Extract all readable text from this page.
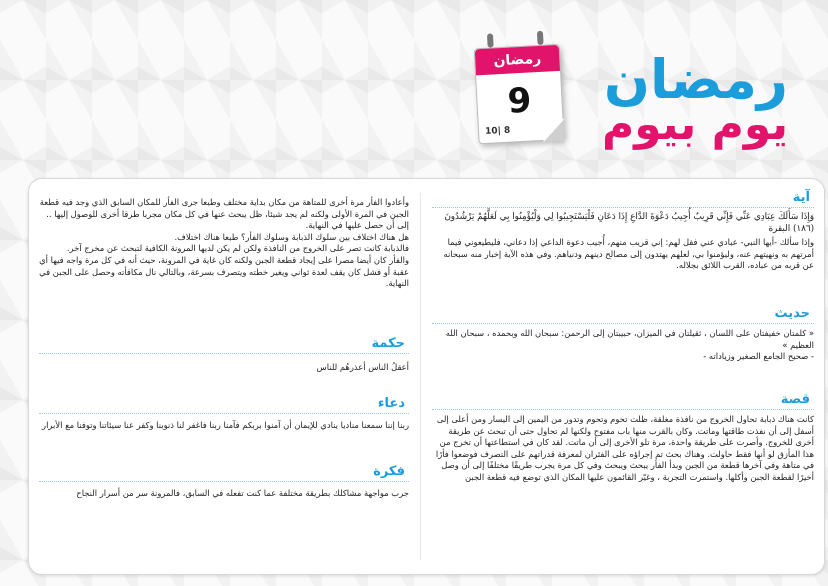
رمضان
يوم بيوم
رمضان
9
10| 8
آية

وَإِذَا سَأَلَكَ عِبَادِي عَنِّي فَإِنِّي قَرِيبٌ أُجِيبُ دَعْوَةَ الدَّاعِ إِذَا دَعَانِ فَلْيَسْتَجِيبُوا لِي وَلْيُؤْمِنُوا بِي لَعَلَّهُمْ يَرْشُدُونَ (١٨٦) البقرة

وإذا سألك -أيها النبي- عبادي عني فقل لهم: إني قريب منهم، أُجيب دعوة الداعي إذا دعاني، فليطيعوني فيما أمرتهم به ونهيتهم عنه، وليؤمنوا بي، لعلهم يهتدون إلى مصالح دينهم ودنياهم. وفي هذه الآية إخبار منه سبحانه عن قربه من عباده، القرب اللائق بجلاله.

حديث

« كلمتان خفيفتان على اللسان ، ثقيلتان في الميزان، حبيبتان إلى الرحمن: سبحان الله وبحمده ، سبحان الله العظيم »

- صحيح الجامع الصغير وزياداته -

قصة

كانت هناك ذبابة تحاول الخروج من نافذة مغلقة، ظلت تحوم وتحوم وتدور من اليمين إلى اليسار ومن أعلى إلى أسفل إلى أن نفذت طاقتها وماتت. وكان بالقرب منها باب مفتوح ولكنها لم تحاول حتى أن تبحث عن طريقة أخرى للخروج. وأصرت على طريقة واحدة، مرة تلو الأخرى إلى أن ماتت. لقد كان في استطاعتها أن تخرج من هذا المأزق لو أنها فقط حاولت. وهناك بحث تم إجراؤه على الفئران لمعرفة قدراتهم على التصرف فوضعوا فأرًا في متاهة وفي آخرها قطعة من الجبن وبدأ الفأر يبحث ويبحث وفي كل مرة يجرب طريقًا مختلفًا إلى أن وصل أخيرًا لقطعة الجبن وأكلها. واستمرت التجربة ، وغيّر القائمون عليها المكان الذي توضع فيه قطعة الجبن

وأعادوا الفأر مرة أخرى للمتاهة من مكان بداية مختلف وطبعا جرى الفأر للمكان السابق الذي وجد فيه قطعة الجبن في المرة الأولى ولكنه لم يجد شيئا، ظل يبحث عنها في كل مكان مجربا طرقا أخرى للوصول إليها .. إلى أن حصل عليها في النهاية.

هل هناك اختلاف بين سلوك الذبابة وسلوك الفأر؟ طبعا هناك اختلاف.

فالذبابة كانت تصر على الخروج من النافذة ولكن لم يكن لديها المرونة الكافية لتبحث عن مخرج آخر.

والفأر كان أيضا مصرا على إيجاد قطعة الجبن ولكنه كان غاية في المرونة، حيث أنه في كل مرة واجه فيها أي عقبة أو فشل كان يقف لعدة ثواني ويغير خطته ويتصرف بسرعة، وبالتالي نال مكافأته وحصل على الجبن في النهاية.

حكمة

أعقلُ الناس أعذرهُم للناس

دعاء

ربنا إننا سمعنا مناديا ينادي للإيمان أن آمنوا بربكم فآمنا ربنا فاغفر لنا ذنوبنا وكفر عنا سيئاتنا وتوفنا مع الأبرار

فكرة

جرب مواجهة مشاكلك بطريقة مختلفة عما كنت تفعله في السابق، فالمرونة سر من أسرار النجاح
